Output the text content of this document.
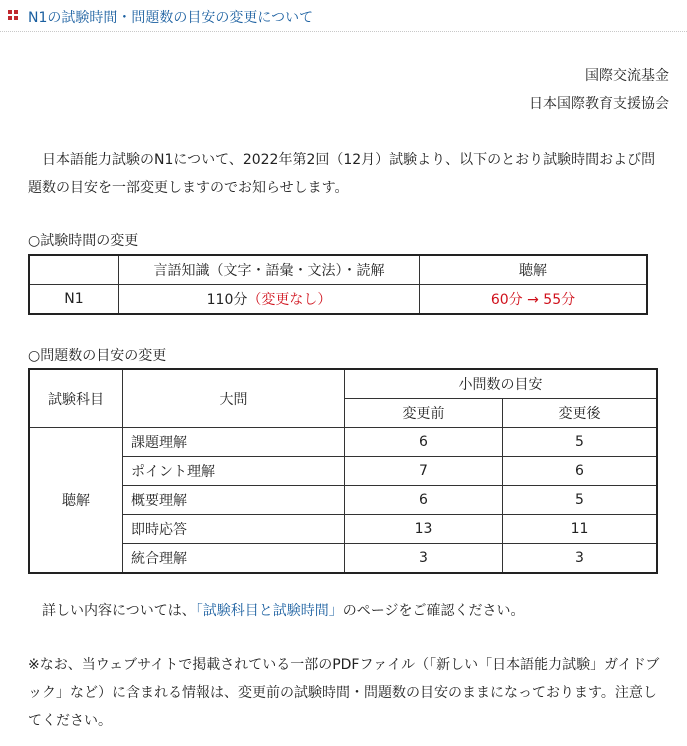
N1の試験時間・問題数の目安の変更について
国際交流基金
日本国際教育支援協会
日本語能力試験のN1について、2022年第2回（12月）試験より、以下のとおり試験時間および問題数の目安を一部変更しますのでお知らせします。
○試験時間の変更
	言語知識（文字・語彙・文法）・読解	聴解
N1	110分（変更なし）	60分 → 55分
○問題数の目安の変更
試験科目	大問	小問数の目安	
		変更前	変更後
聴解	課題理解	6	5
	ポイント理解	7	6
	概要理解	6	5
	即時応答	13	11
	統合理解	3	3
詳しい内容については、「試験科目と試験時間」のページをご確認ください。
※なお、当ウェブサイトで掲載されている一部のPDFファイル（「新しい「日本語能力試験」ガイドブック」など）に含まれる情報は、変更前の試験時間・問題数の目安のままになっております。注意してください。
